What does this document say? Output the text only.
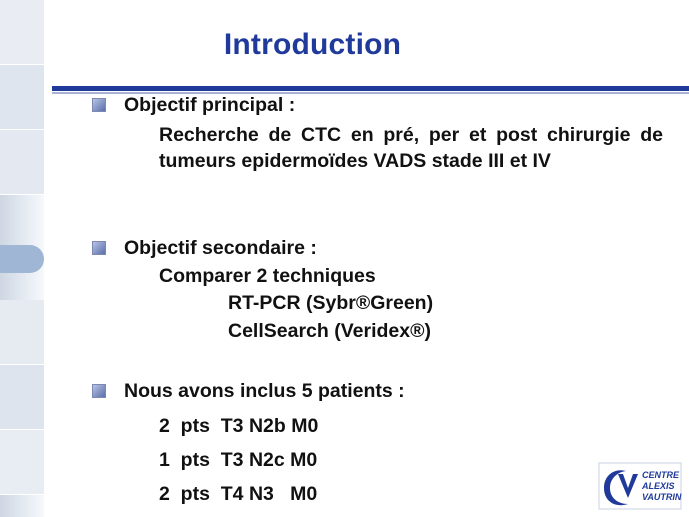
Introduction
Objectif principal :
Recherche de CTC en pré, per et post chirurgie de tumeurs epidermoïdes VADS stade III et IV
Objectif secondaire :
Comparer 2 techniques
RT-PCR (Sybr®Green)
CellSearch (Veridex®)
Nous avons inclus 5 patients :
2  pts  T3 N2b M0
1  pts  T3 N2c M0
2  pts  T4 N3   M0
CENTRE
ALEXIS
VAUTRIN
